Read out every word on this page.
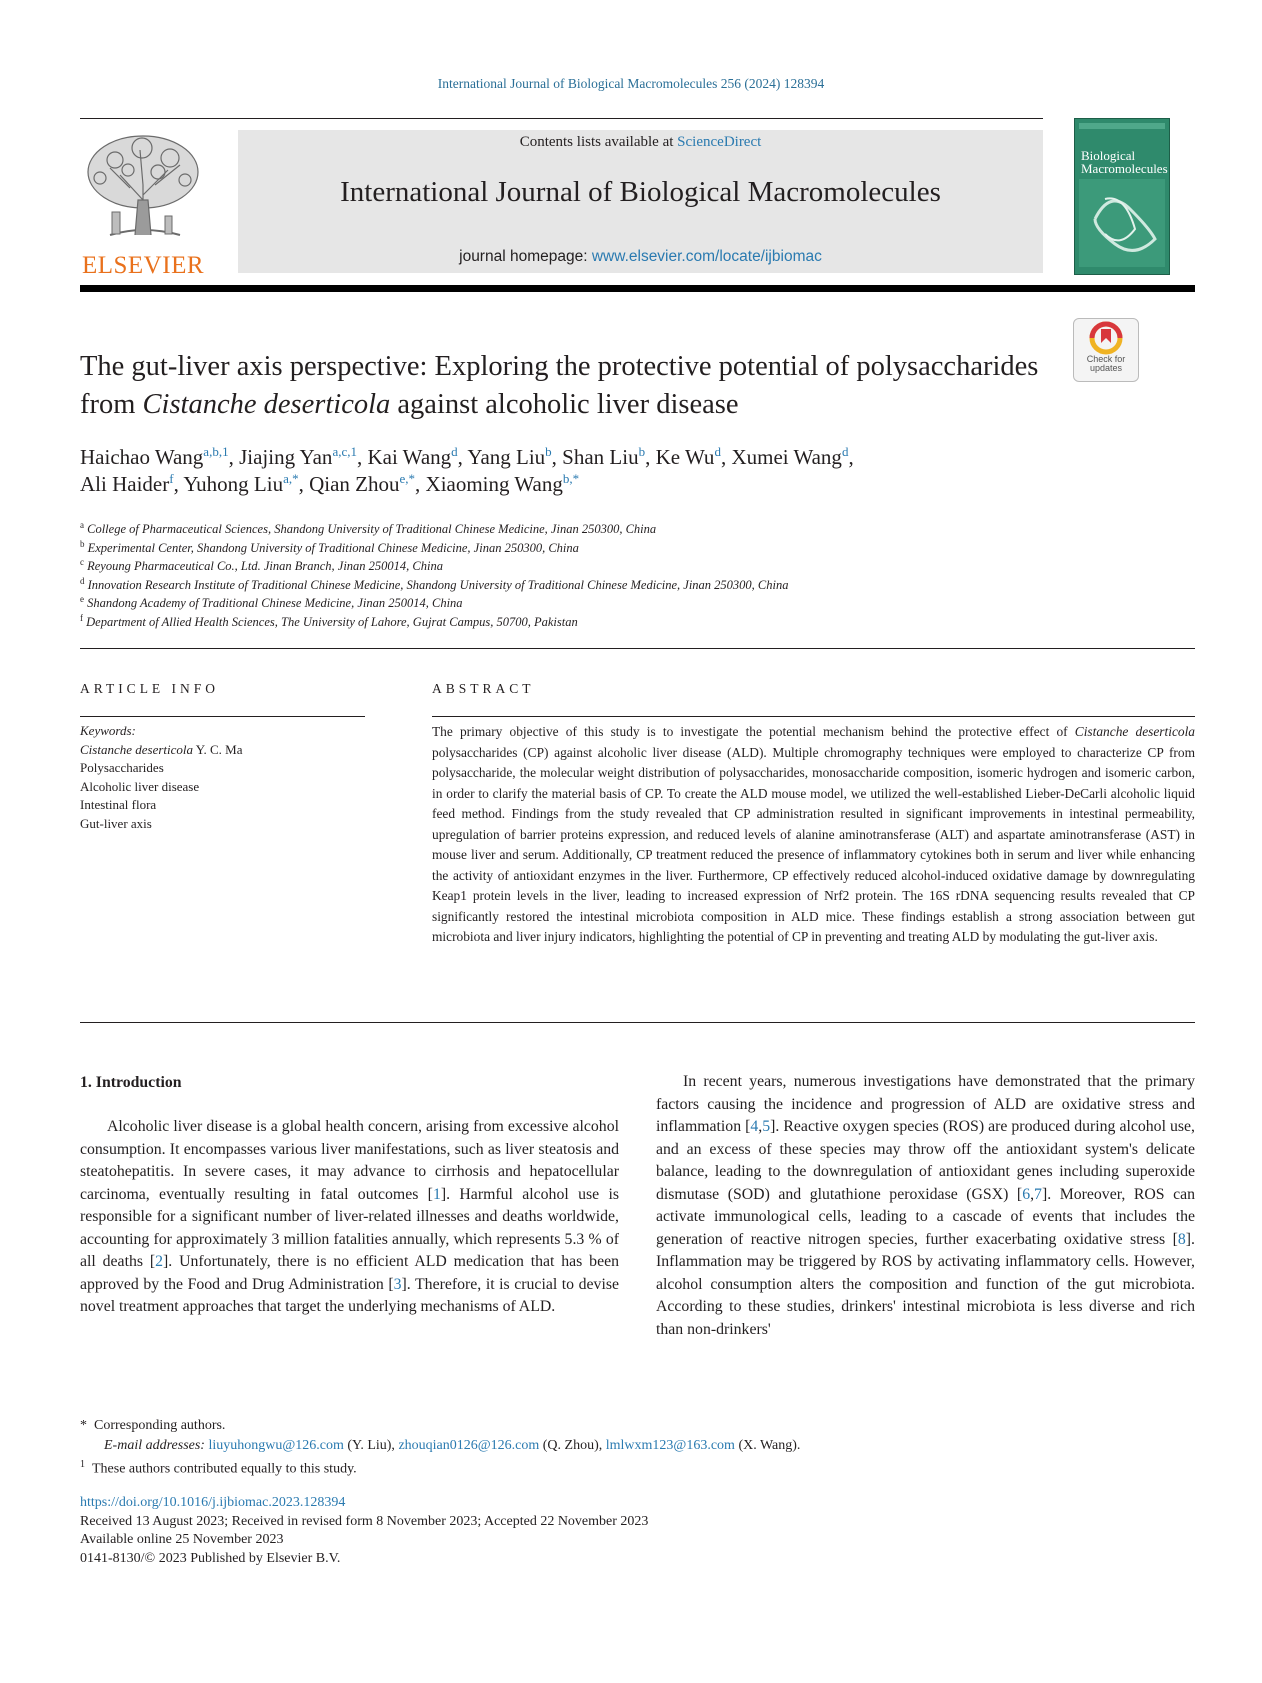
International Journal of Biological Macromolecules 256 (2024) 128394
ELSEVIER
Contents lists available at ScienceDirect
International Journal of Biological Macromolecules
journal homepage: www.elsevier.com/locate/ijbiomac
Biological
Macromolecules
Check for
updates
The gut-liver axis perspective: Exploring the protective potential of polysaccharides from Cistanche deserticola against alcoholic liver disease
Haichao Wang$^{a,b,1}$, Jiajing Yan$^{a,c,1}$, Kai Wang$^d$, Yang Liu$^b$, Shan Liu$^b$, Ke Wu$^d$, Xumei Wang$^d$,
Ali Haider$^f$, Yuhong Liu$^{a,*}$, Qian Zhou$^{e,*}$, Xiaoming Wang$^{b,*}$
$^a$ College of Pharmaceutical Sciences, Shandong University of Traditional Chinese Medicine, Jinan 250300, China
$^b$ Experimental Center, Shandong University of Traditional Chinese Medicine, Jinan 250300, China
$^c$ Reyoung Pharmaceutical Co., Ltd. Jinan Branch, Jinan 250014, China
$^d$ Innovation Research Institute of Traditional Chinese Medicine, Shandong University of Traditional Chinese Medicine, Jinan 250300, China
$^e$ Shandong Academy of Traditional Chinese Medicine, Jinan 250014, China
$^f$ Department of Allied Health Sciences, The University of Lahore, Gujrat Campus, 50700, Pakistan
ARTICLE INFO
Keywords:
Cistanche deserticola Y. C. Ma
Polysaccharides
Alcoholic liver disease
Intestinal flora
Gut-liver axis
ABSTRACT
The primary objective of this study is to investigate the potential mechanism behind the protective effect of Cistanche deserticola polysaccharides (CP) against alcoholic liver disease (ALD). Multiple chromography techniques were employed to characterize CP from polysaccharide, the molecular weight distribution of polysaccharides, monosaccharide composition, isomeric hydrogen and isomeric carbon, in order to clarify the material basis of CP. To create the ALD mouse model, we utilized the well-established Lieber-DeCarli alcoholic liquid feed method. Findings from the study revealed that CP administration resulted in significant improvements in intestinal permeability, upregulation of barrier proteins expression, and reduced levels of alanine aminotransferase (ALT) and aspartate aminotransferase (AST) in mouse liver and serum. Additionally, CP treatment reduced the presence of inflammatory cytokines both in serum and liver while enhancing the activity of antioxidant enzymes in the liver. Furthermore, CP effectively reduced alcohol-induced oxidative damage by downregulating Keap1 protein levels in the liver, leading to increased expression of Nrf2 protein. The 16S rDNA sequencing results revealed that CP significantly restored the intestinal microbiota composition in ALD mice. These findings establish a strong association between gut microbiota and liver injury indicators, highlighting the potential of CP in preventing and treating ALD by modulating the gut-liver axis.
1. Introduction

Alcoholic liver disease is a global health concern, arising from excessive alcohol consumption. It encompasses various liver manifestations, such as liver steatosis and steatohepatitis. In severe cases, it may advance to cirrhosis and hepatocellular carcinoma, eventually resulting in fatal outcomes [1]. Harmful alcohol use is responsible for a significant number of liver-related illnesses and deaths worldwide, accounting for approximately 3 million fatalities annually, which represents 5.3 % of all deaths [2]. Unfortunately, there is no efficient ALD medication that has been approved by the Food and Drug Administration [3]. Therefore, it is crucial to devise novel treatment approaches that target the underlying mechanisms of ALD.

In recent years, numerous investigations have demonstrated that the primary factors causing the incidence and progression of ALD are oxidative stress and inflammation [4,5]. Reactive oxygen species (ROS) are produced during alcohol use, and an excess of these species may throw off the antioxidant system's delicate balance, leading to the downregulation of antioxidant genes including superoxide dismutase (SOD) and glutathione peroxidase (GSX) [6,7]. Moreover, ROS can activate immunological cells, leading to a cascade of events that includes the generation of reactive nitrogen species, further exacerbating oxidative stress [8]. Inflammation may be triggered by ROS by activating inflammatory cells. However, alcohol consumption alters the composition and function of the gut microbiota. According to these studies, drinkers' intestinal microbiota is less diverse and rich than non-drinkers'

* Corresponding authors.
E-mail addresses: liuyuhongwu@126.com (Y. Liu), zhouqian0126@126.com (Q. Zhou), lmlwxm123@163.com (X. Wang).
$^1$ These authors contributed equally to this study.
https://doi.org/10.1016/j.ijbiomac.2023.128394
Received 13 August 2023; Received in revised form 8 November 2023; Accepted 22 November 2023
Available online 25 November 2023
0141-8130/© 2023 Published by Elsevier B.V.
